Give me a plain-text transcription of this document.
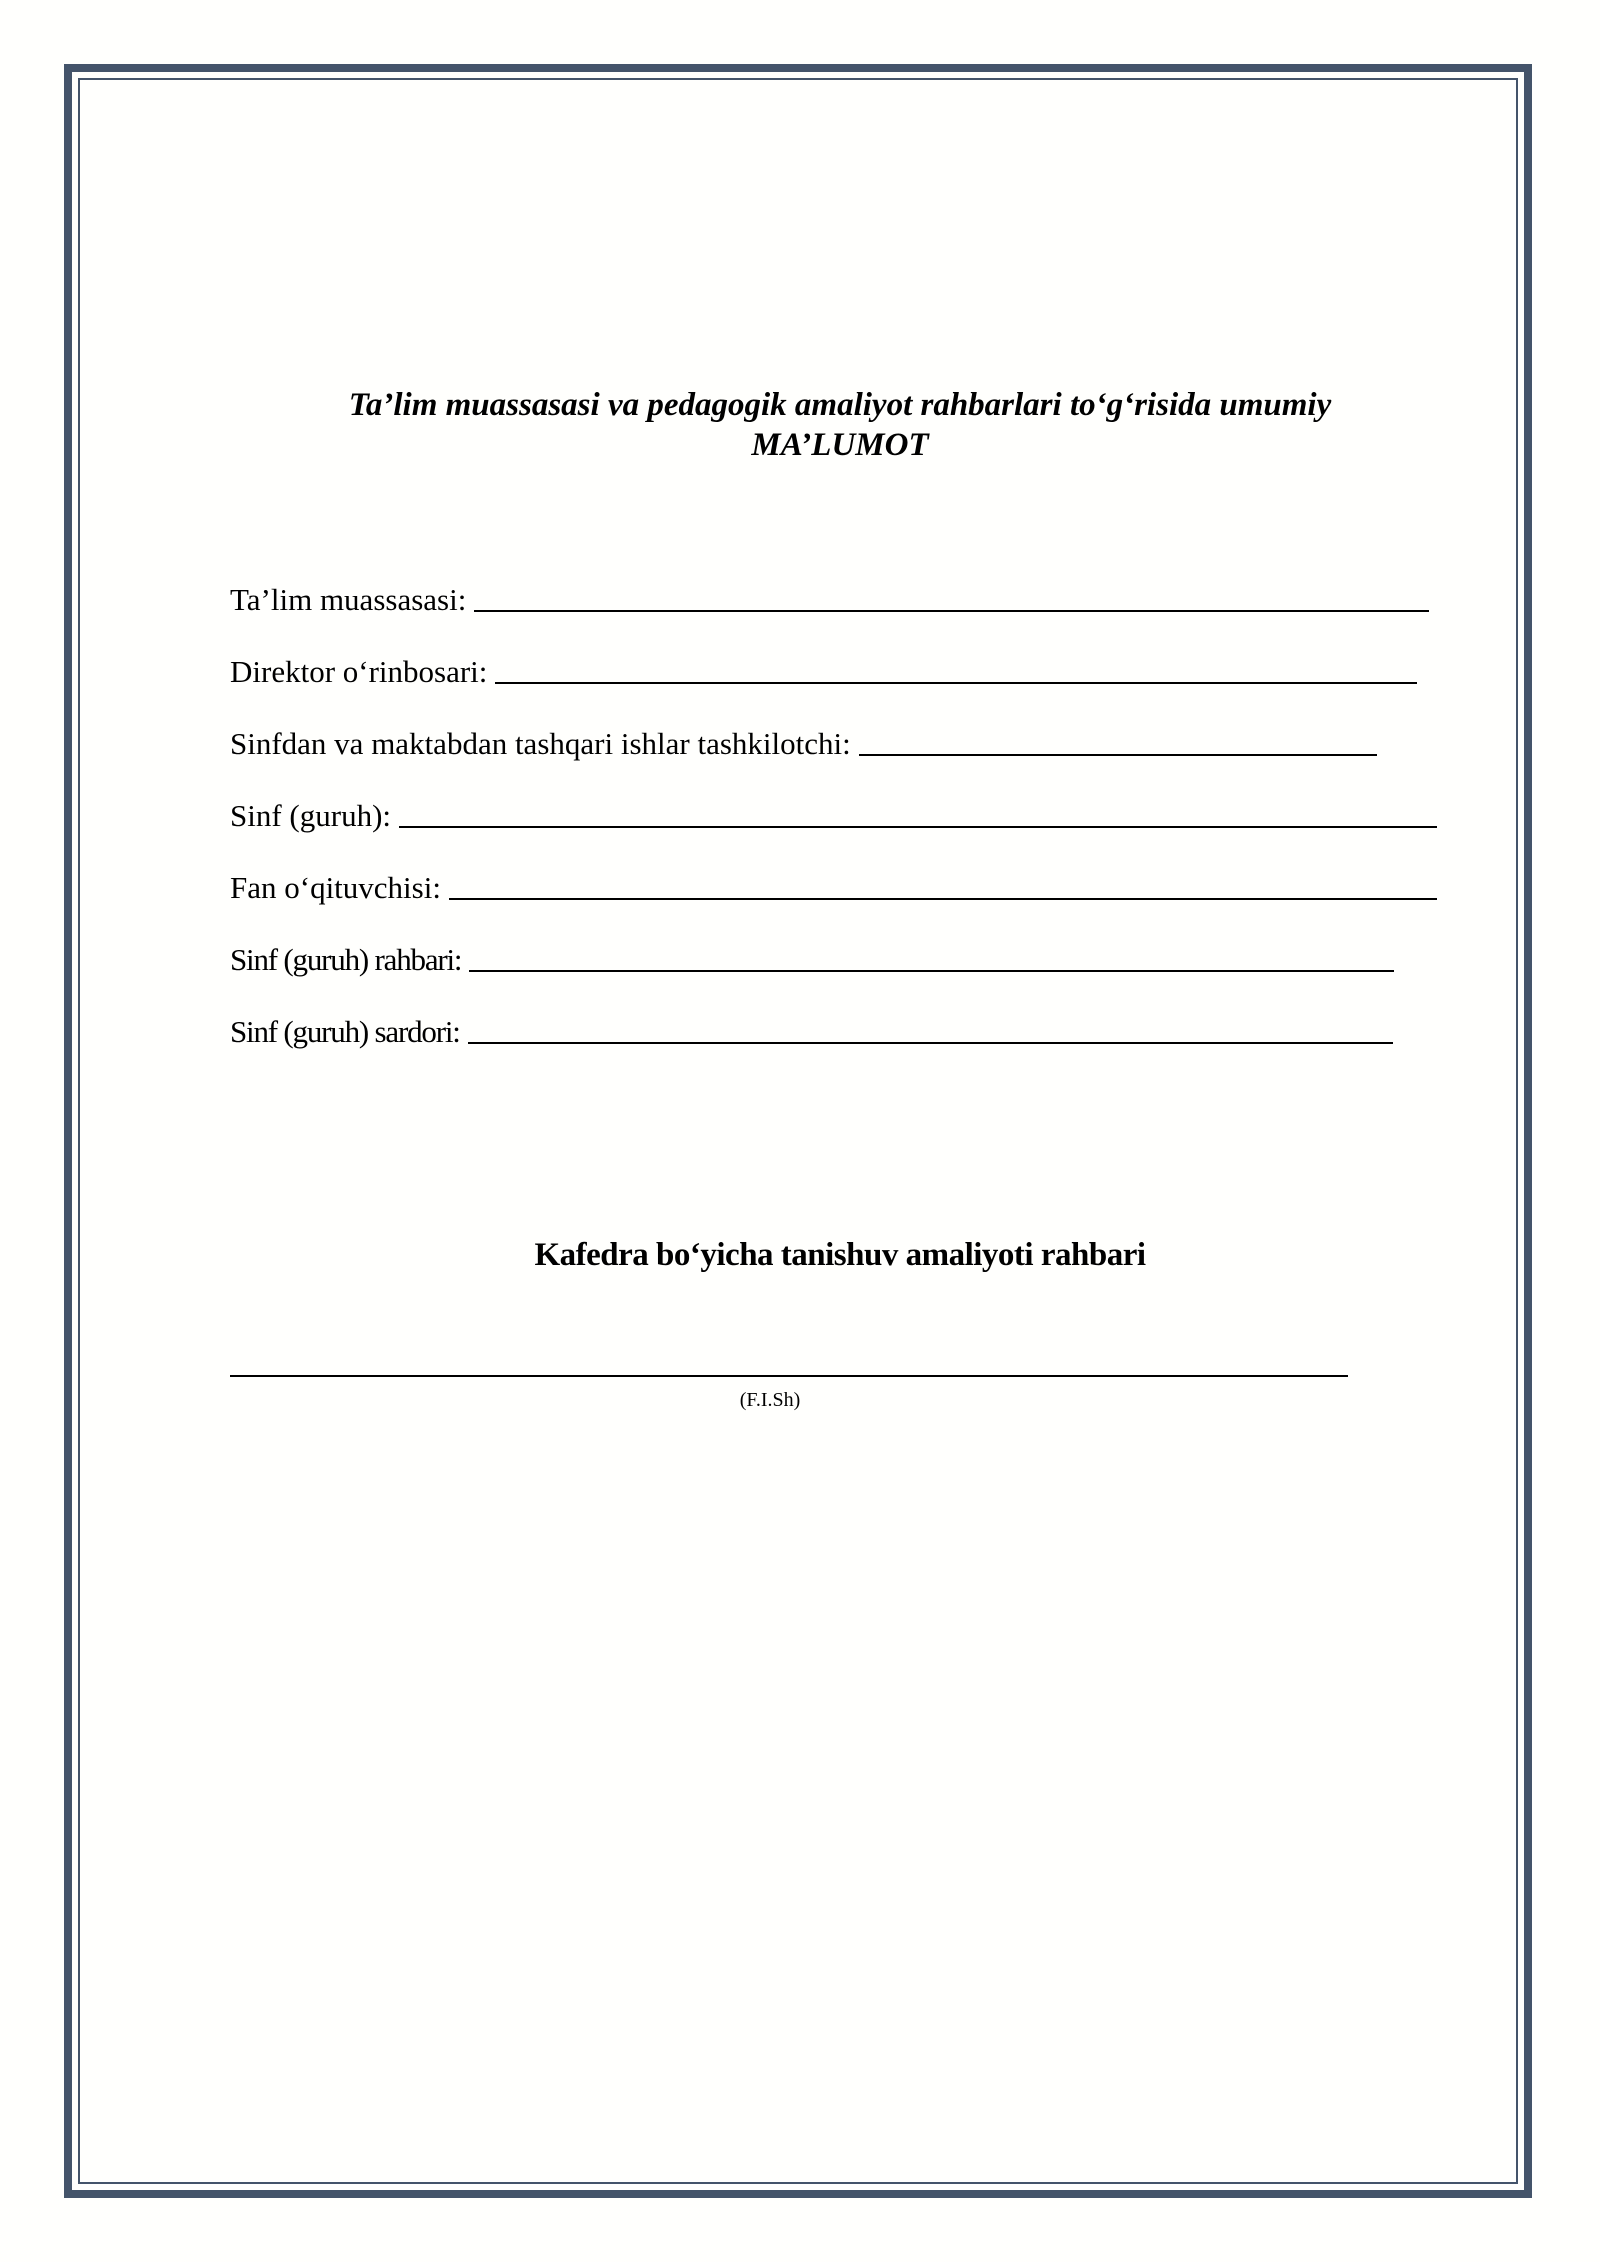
Ta’lim muassasasi va pedagogik amaliyot rahbarlari to‘g‘risida umumiy
MA’LUMOT
Ta’lim muassasasi:
Direktor o‘rinbosari:
Sinfdan va maktabdan tashqari ishlar tashkilotchi:
Sinf (guruh):
Fan o‘qituvchisi:
Sinf (guruh) rahbari:
Sinf (guruh) sardori:
Kafedra bo‘yicha tanishuv amaliyoti rahbari
(F.I.Sh)
